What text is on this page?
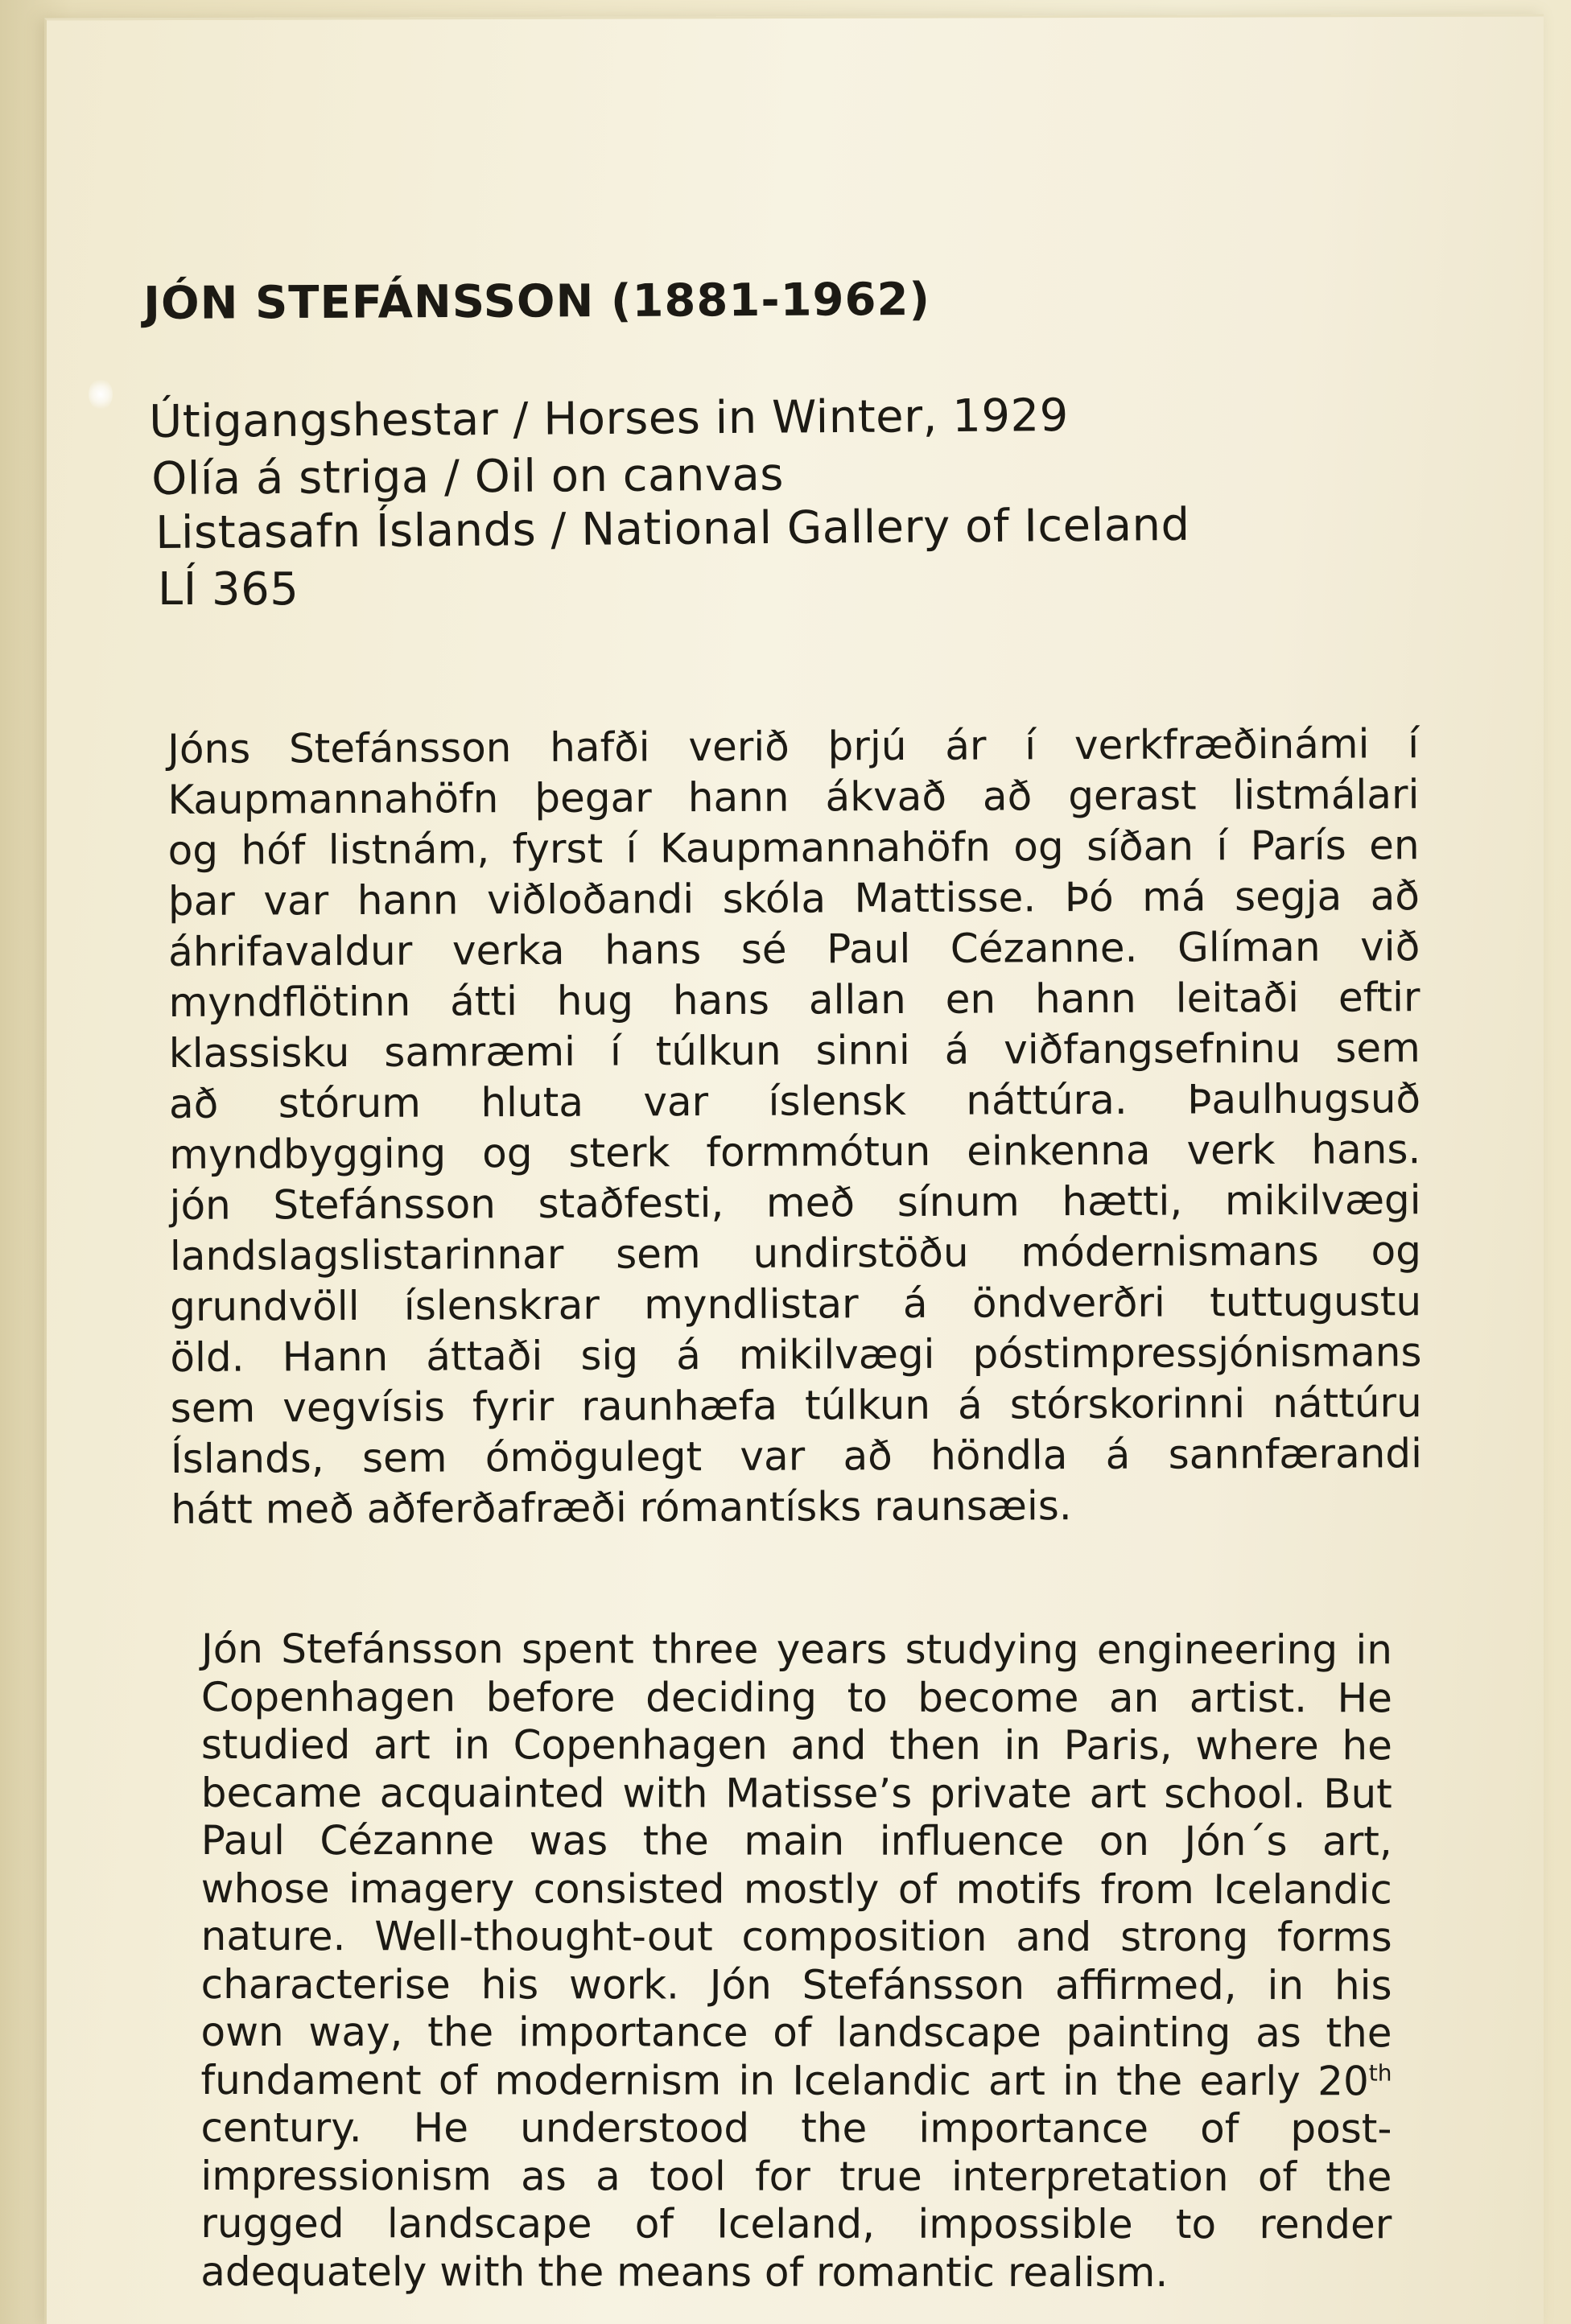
JÓN STEFÁNSSON (1881-1962)

Útigangshestar / Horses in Winter, 1929

Olía á striga / Oil on canvas

Listasafn Íslands / National Gallery of Iceland

LÍ 365

Jóns Stefánsson hafði verið þrjú ár í verkfræðinámi í
Kaupmannahöfn þegar hann ákvað að gerast listmálari
og hóf listnám, fyrst í Kaupmannahöfn og síðan í París en
þar var hann viðloðandi skóla Mattisse. Þó má segja að
áhrifavaldur verka hans sé Paul Cézanne. Glíman við
myndflötinn átti hug hans allan en hann leitaði eftir
klassisku samræmi í túlkun sinni á viðfangsefninu sem
að stórum hluta var íslensk náttúra. Þaulhugsuð
myndbygging og sterk formmótun einkenna verk hans.
jón Stefánsson staðfesti, með sínum hætti, mikilvægi
landslagslistarinnar sem undirstöðu módernismans og
grundvöll íslenskrar myndlistar á öndverðri tuttugustu
öld. Hann áttaði sig á mikilvægi póstimpressjónismans
sem vegvísis fyrir raunhæfa túlkun á stórskorinni náttúru
Íslands, sem ómögulegt var að höndla á sannfærandi
hátt með aðferðafræði rómantísks raunsæis.
Jón Stefánsson spent three years studying engineering in
Copenhagen before deciding to become an artist. He
studied art in Copenhagen and then in Paris, where he
became acquainted with Matisse’s private art school. But
Paul Cézanne was the main influence on Jón´s art,
whose imagery consisted mostly of motifs from Icelandic
nature. Well-thought-out composition and strong forms
characterise his work. Jón Stefánsson affirmed, in his
own way, the importance of landscape painting as the
fundament of modernism in Icelandic art in the early 20th
century. He understood the importance of post-
impressionism as a tool for true interpretation of the
rugged landscape of Iceland, impossible to render
adequately with the means of romantic realism.
